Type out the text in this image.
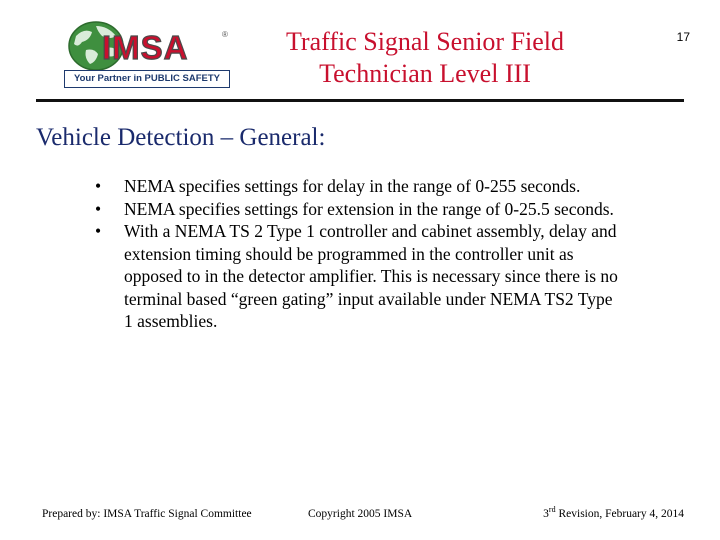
IMSA	®
Your Partner in PUBLIC SAFETY
Traffic Signal Senior Field
Technician Level III
17
Vehicle Detection – General:
• NEMA specifies settings for delay in the range of 0-255 seconds.
• NEMA specifies settings for extension in the range of 0-25.5 seconds.
• With a NEMA TS 2 Type 1 controller and cabinet assembly, delay and extension timing should be programmed in the controller unit as opposed to in the detector amplifier. This is necessary since there is no terminal based “green gating” input available under NEMA TS2 Type 1 assemblies.
Prepared by: IMSA Traffic Signal Committee	Copyright 2005 IMSA	3rd Revision, February 4, 2014
